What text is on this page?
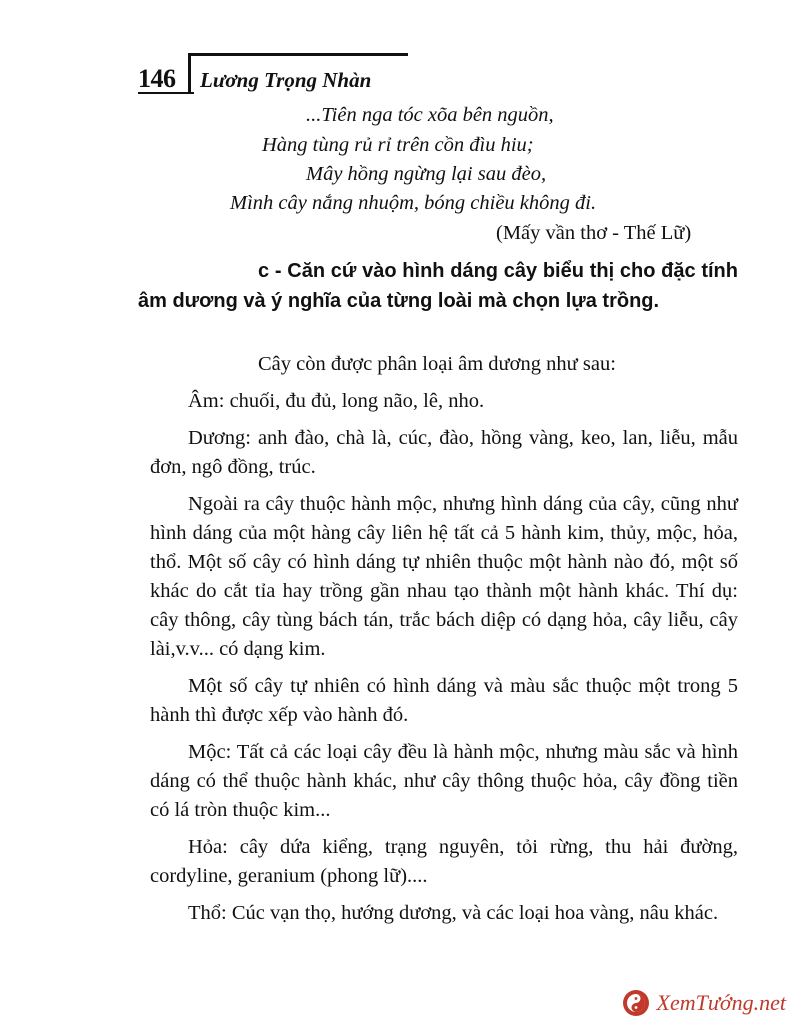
146 Lương Trọng Nhàn
...Tiên nga tóc xõa bên nguồn,
Hàng tùng rủ rỉ trên cồn đìu hiu;
Mây hồng ngừng lại sau đèo,
Mình cây nắng nhuộm, bóng chiều không đi.
(Mấy vần thơ - Thế Lữ)
c - Căn cứ vào hình dáng cây biểu thị cho đặc tính âm dương và ý nghĩa của từng loài mà chọn lựa trồng.

Cây còn được phân loại âm dương như sau:

Âm: chuối, đu đủ, long não, lê, nho.

Dương: anh đào, chà là, cúc, đào, hồng vàng, keo, lan, liễu, mẫu đơn, ngô đồng, trúc.

Ngoài ra cây thuộc hành mộc, nhưng hình dáng của cây, cũng như hình dáng của một hàng cây liên hệ tất cả 5 hành kim, thủy, mộc, hỏa, thổ. Một số cây có hình dáng tự nhiên thuộc một hành nào đó, một số khác do cắt tỉa hay trồng gần nhau tạo thành một hành khác. Thí dụ: cây thông, cây tùng bách tán, trắc bách diệp có dạng hỏa, cây liễu, cây lài,v.v... có dạng kim.

Một số cây tự nhiên có hình dáng và màu sắc thuộc một trong 5 hành thì được xếp vào hành đó.

Mộc: Tất cả các loại cây đều là hành mộc, nhưng màu sắc và hình dáng có thể thuộc hành khác, như cây thông thuộc hỏa, cây đồng tiền có lá tròn thuộc kim...

Hỏa: cây dứa kiểng, trạng nguyên, tỏi rừng, thu hải đường, cordyline, geranium (phong lữ)....

Thổ: Cúc vạn thọ, hướng dương, và các loại hoa vàng, nâu khác.

XemTướng.net
